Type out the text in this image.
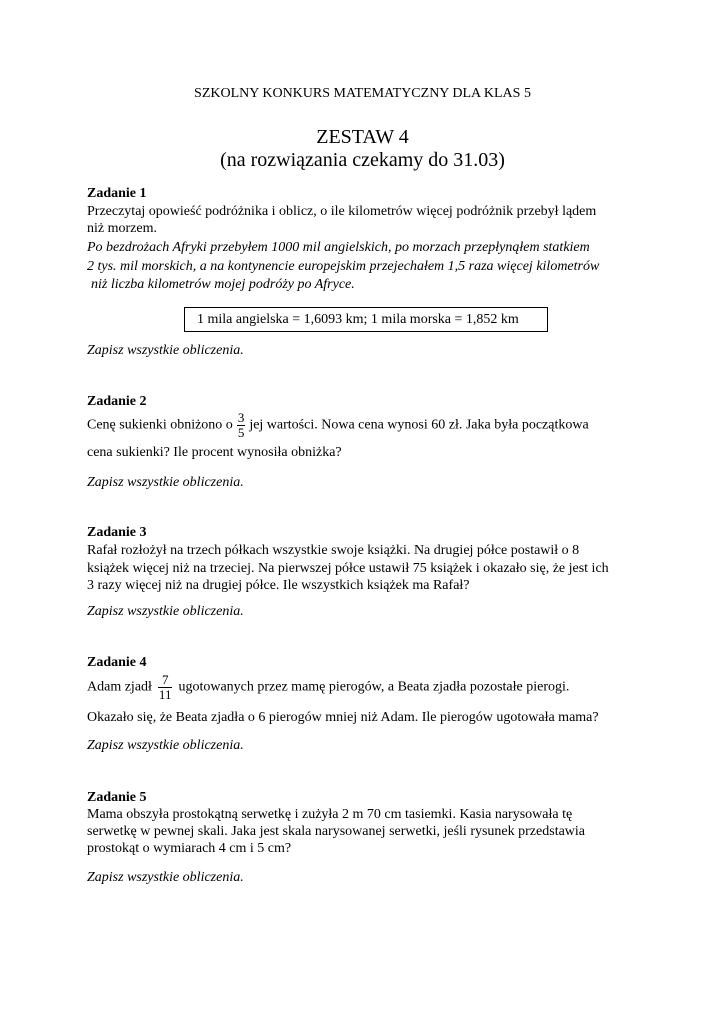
SZKOLNY KONKURS MATEMATYCZNY DLA KLAS 5
ZESTAW 4
(na rozwiązania czekamy do 31.03)
Zadanie 1
Przeczytaj opowieść podróżnika i oblicz, o ile kilometrów więcej podróżnik przebył lądem
niż morzem.
Po bezdrożach Afryki przebyłem 1000 mil angielskich, po morzach przepłynąłem statkiem
2 tys. mil morskich, a na kontynencie europejskim przejechałem 1,5 raza więcej kilometrów
niż liczba kilometrów mojej podróży po Afryce.
1 mila angielska = 1,6093 km; 1 mila morska = 1,852 km
Zapisz wszystkie obliczenia.
Zadanie 2
Cenę sukienki obniżono o $\frac{3}{5}$ jej wartości. Nowa cena wynosi 60 zł. Jaka była początkowa
cena sukienki? Ile procent wynosiła obniżka?
Zapisz wszystkie obliczenia.
Zadanie 3
Rafał rozłożył na trzech półkach wszystkie swoje książki. Na drugiej półce postawił o 8
książek więcej niż na trzeciej. Na pierwszej półce ustawił 75 książek i okazało się, że jest ich
3 razy więcej niż na drugiej półce. Ile wszystkich książek ma Rafał?
Zapisz wszystkie obliczenia.
Zadanie 4
Adam zjadł $\frac{7}{11}$ ugotowanych przez mamę pierogów, a Beata zjadła pozostałe pierogi.
Okazało się, że Beata zjadła o 6 pierogów mniej niż Adam. Ile pierogów ugotowała mama?
Zapisz wszystkie obliczenia.
Zadanie 5
Mama obszyła prostokątną serwetkę i zużyła 2 m 70 cm tasiemki. Kasia narysowała tę
serwetkę w pewnej skali. Jaka jest skala narysowanej serwetki, jeśli rysunek przedstawia
prostokąt o wymiarach 4 cm i 5 cm?
Zapisz wszystkie obliczenia.
